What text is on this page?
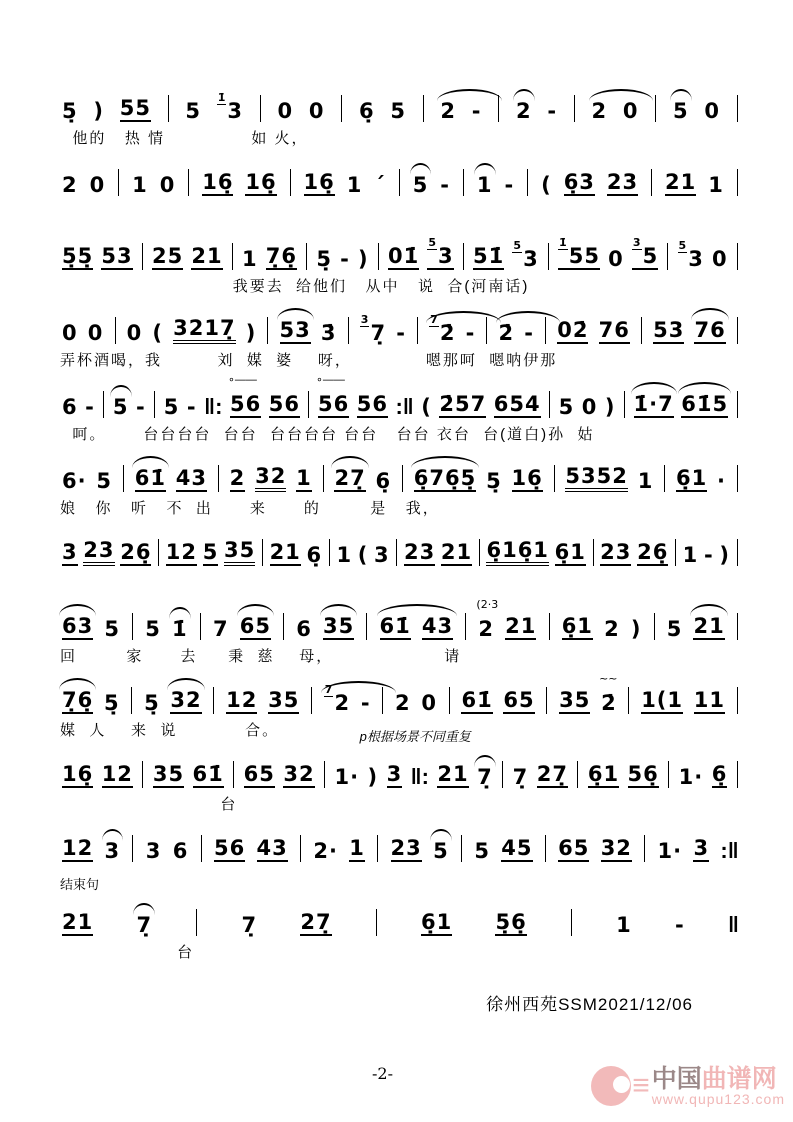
5̣ ) 55 5
$^{1̇}$3 0 0 6̣ 5 2 - 2 - 2 0 5 0
他的   热 情              如 火，
2 0 1 0 16̣ 16̣ 16̣ 1 ˊ 5 - 1 - ( 6̣3 23 21 1
5̣5̣ 53 25 21 1 7̣6̣ 5̣ - ) 01̇
$^5$3 51̇ $^5$3
$^{1̇}$55 0
$^3$5 $^5$3 0
我要去  给他们   从中   说  合(河南话)
0 0 0 ( 3217̣ ) 53 3̇
$^3$7̣ -
$^7$2̇ - 2̇ - 02̇ 76 53 76
弄杯酒喝，我         刘  媒  婆    呀，            嗯那呵  嗯呐伊那
6 - 5 - 5 - ‖: 56
∘――
56 56
∘――
56 :‖ ( 2̇57 654 5 0 ) 1̇·7 61̇5
呵。      台台台台  台台  台台台台 台台   台台 衣台  台(道白)孙  姑
6· 5 61̇ 43 2 32 1 27̣ 6̣ 6̣76̣5̣ 5̣ 16̣ 5352 1 6̣1 ·
娘   你   听   不  出      来      的        是   我，
3 23 26̣ 12 5 35 21 6̣ 1 ( 3 23 21 6̣16̣1 6̣1 23 26̣ 1 - )
63 5 5 1̇ 7 65 6 35 61̇ 43 2
(2·3
21 6̣1 2 ) 5 21
回        家      去     秉  慈    母，                  请
7̣6̣ 5̣ 5̣ 32 12 35 $^7$2 - 2 0 61̇ 65 35 2̇
~~
1(1 11
媒  人    来  说           合。	p根据场景不同重复
16̣ 12 35 61̇ 65 32 1· ) 3 ‖: 21 7̣ 7̣ 27̣ 6̣1 56̣ 1· 6̣
台
12 3 3 6 56 43 2· 1 23 5 5 45 65 32 1· 3 :‖
结束句
21 7̣	7̣ 27̣	6̣1 5̣6̣	1 - ‖
台
徐州西苑SSM2021/12/06
-2-	≡ 中国曲谱网
www.qupu123.com
